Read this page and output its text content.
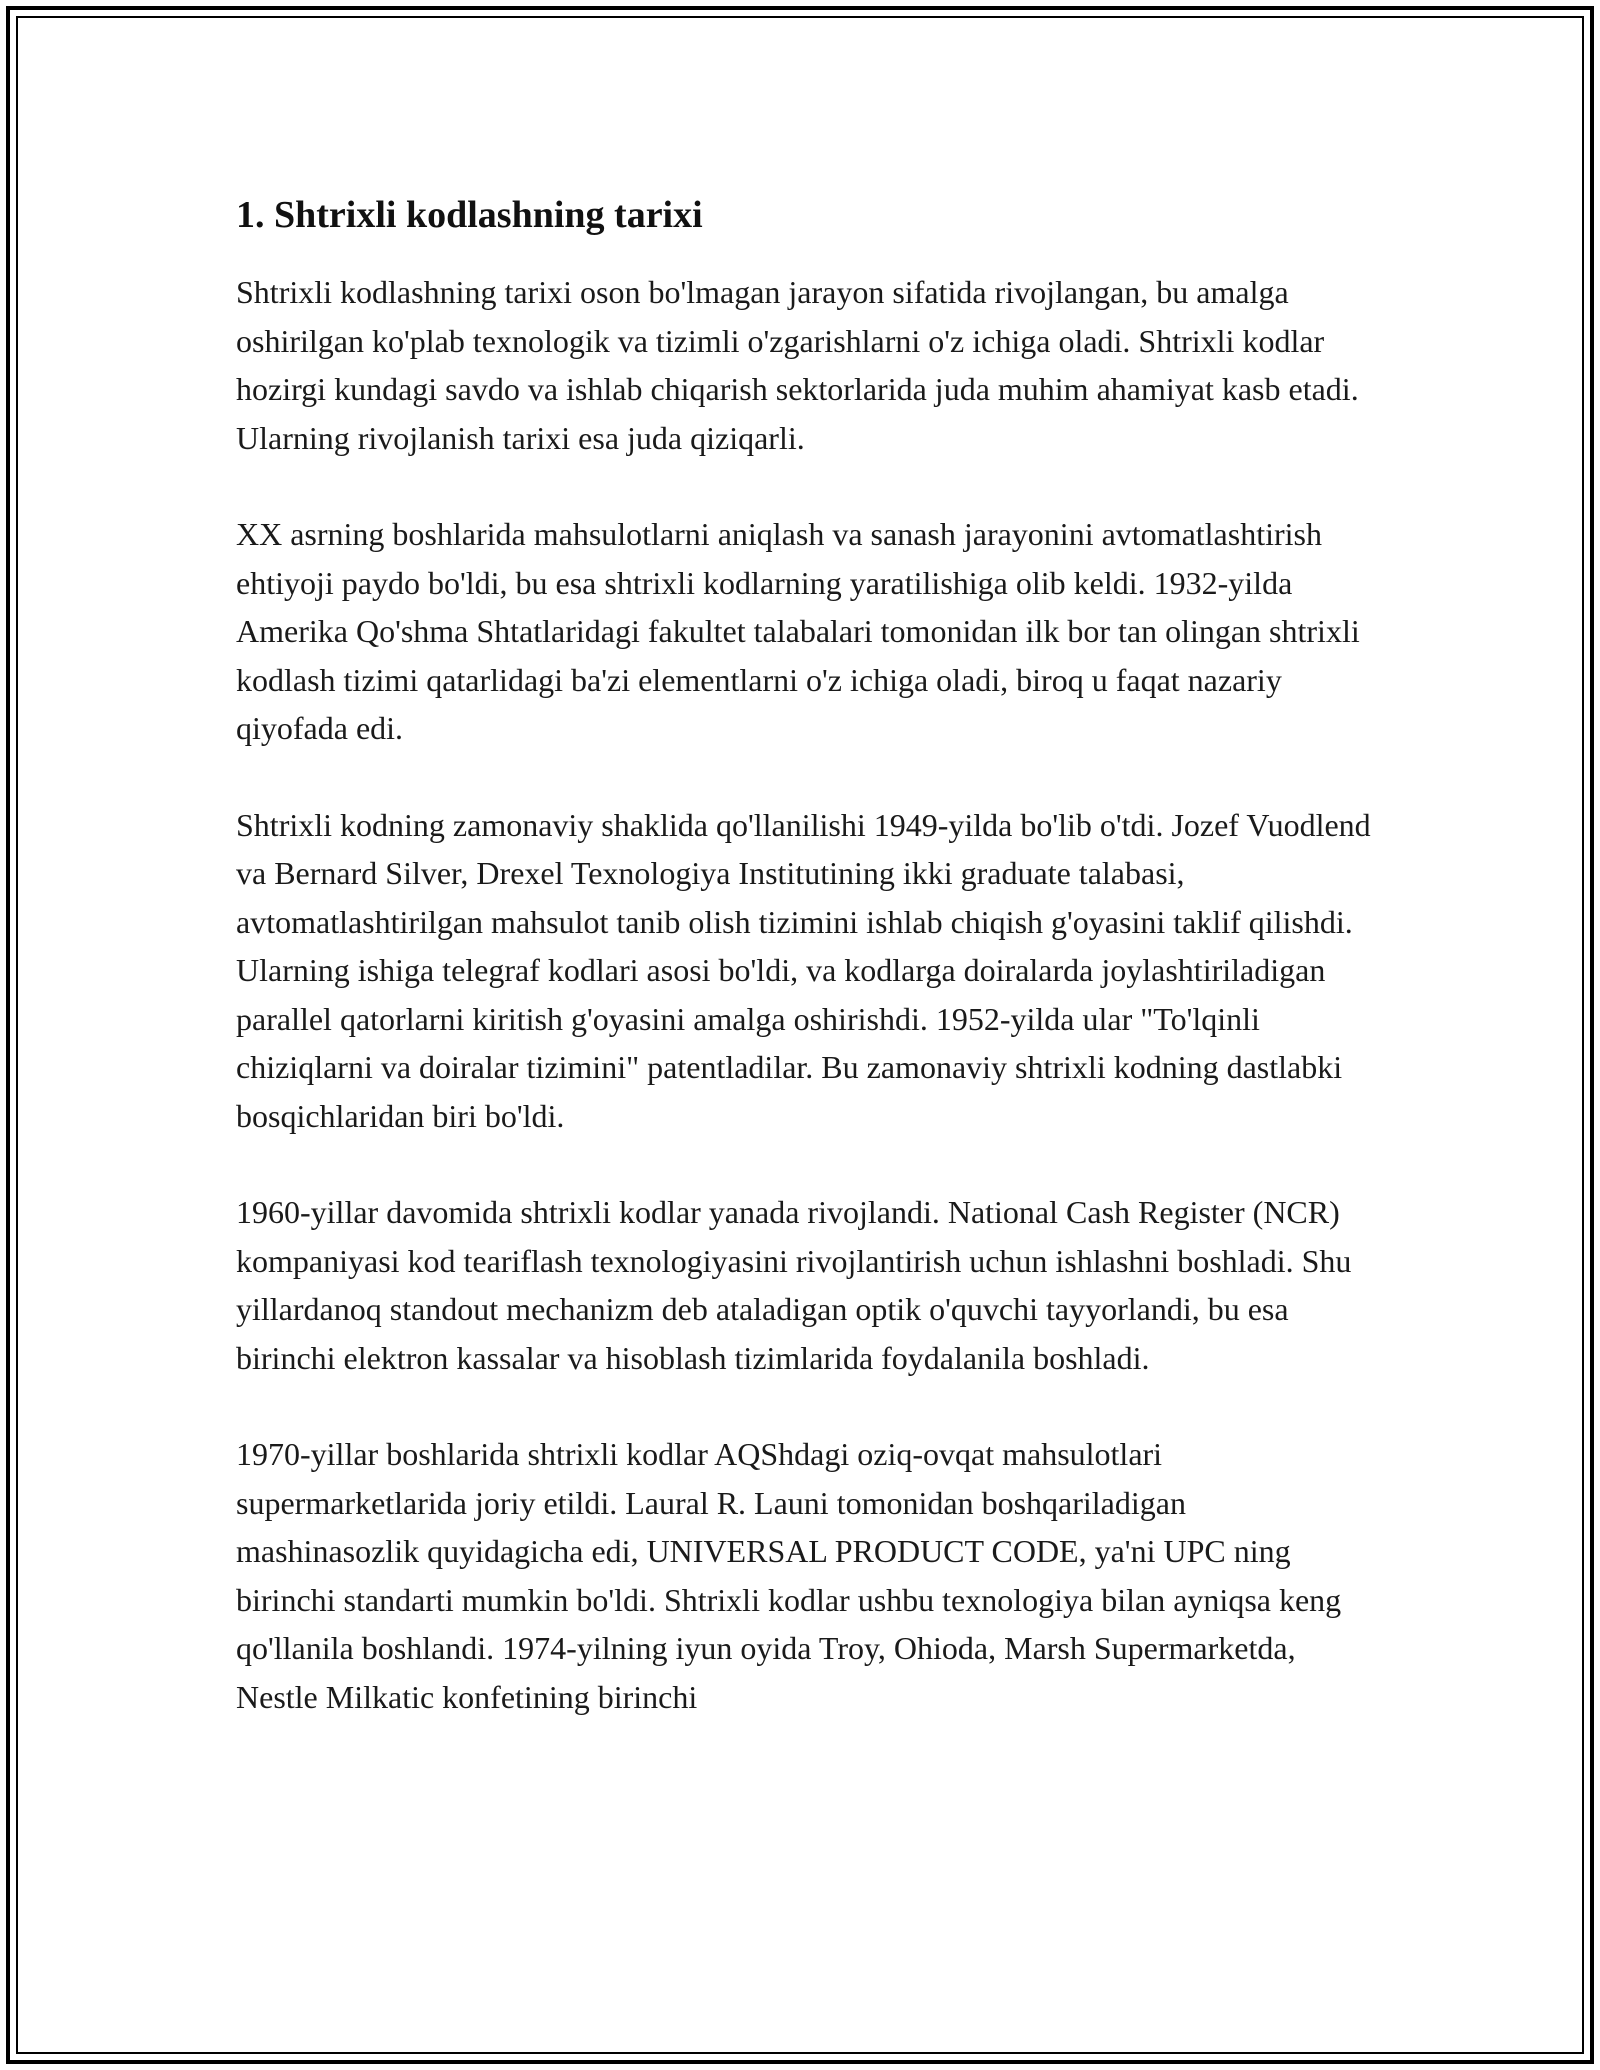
1. Shtrixli kodlashning tarixi

Shtrixli kodlashning tarixi oson bo'lmagan jarayon sifatida rivojlangan, bu amalga oshirilgan ko'plab texnologik va tizimli o'zgarishlarni o'z ichiga oladi. Shtrixli kodlar hozirgi kundagi savdo va ishlab chiqarish sektorlarida juda muhim ahamiyat kasb etadi. Ularning rivojlanish tarixi esa juda qiziqarli.

XX asrning boshlarida mahsulotlarni aniqlash va sanash jarayonini avtomatlashtirish ehtiyoji paydo bo'ldi, bu esa shtrixli kodlarning yaratilishiga olib keldi. 1932-yilda Amerika Qo'shma Shtatlaridagi fakultet talabalari tomonidan ilk bor tan olingan shtrixli kodlash tizimi qatarlidagi ba'zi elementlarni o'z ichiga oladi, biroq u faqat nazariy qiyofada edi.

Shtrixli kodning zamonaviy shaklida qo'llanilishi 1949-yilda bo'lib o'tdi. Jozef Vuodlend va Bernard Silver, Drexel Texnologiya Institutining ikki graduate talabasi, avtomatlashtirilgan mahsulot tanib olish tizimini ishlab chiqish g'oyasini taklif qilishdi. Ularning ishiga telegraf kodlari asosi bo'ldi, va kodlarga doiralarda joylashtiriladigan parallel qatorlarni kiritish g'oyasini amalga oshirishdi. 1952-yilda ular "To'lqinli chiziqlarni va doiralar tizimini" patentladilar. Bu zamonaviy shtrixli kodning dastlabki bosqichlaridan biri bo'ldi.

1960-yillar davomida shtrixli kodlar yanada rivojlandi. National Cash Register (NCR) kompaniyasi kod teariflash texnologiyasini rivojlantirish uchun ishlashni boshladi. Shu yillardanoq standout mechanizm deb ataladigan optik o'quvchi tayyorlandi, bu esa birinchi elektron kassalar va hisoblash tizimlarida foydalanila boshladi.

1970-yillar boshlarida shtrixli kodlar AQShdagi oziq-ovqat mahsulotlari supermarketlarida joriy etildi. Laural R. Launi tomonidan boshqariladigan mashinasozlik quyidagicha edi, UNIVERSAL PRODUCT CODE, ya'ni UPC ning birinchi standarti mumkin bo'ldi. Shtrixli kodlar ushbu texnologiya bilan ayniqsa keng qo'llanila boshlandi. 1974-yilning iyun oyida Troy, Ohioda, Marsh Supermarketda, Nestle Milkatic konfetining birinchi
